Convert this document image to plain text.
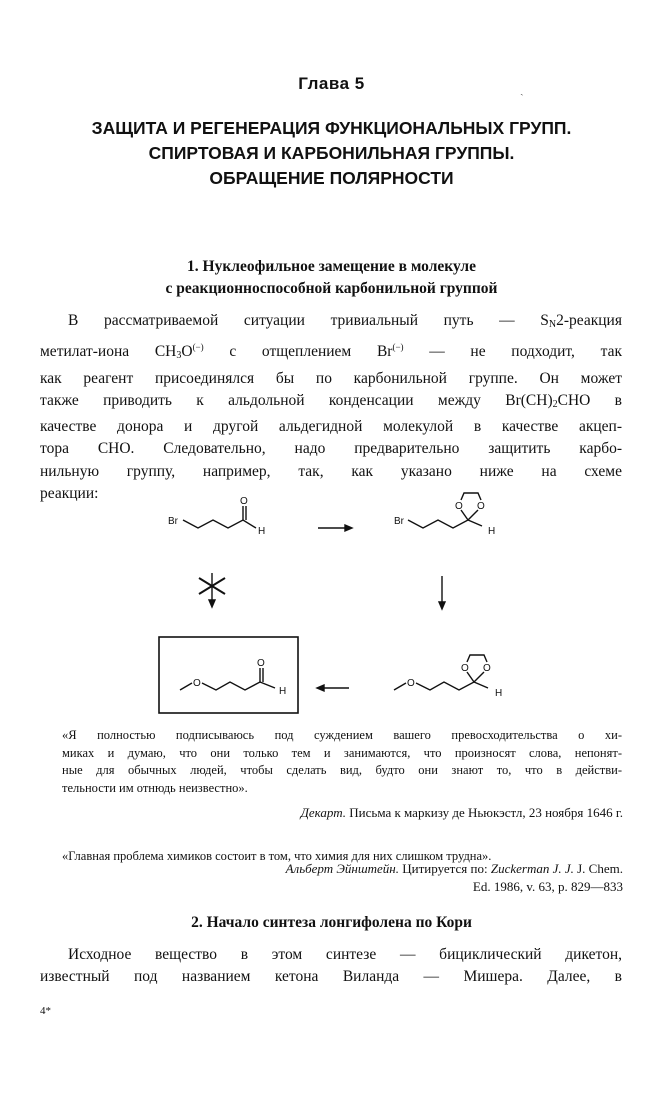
Глава 5	ˎ
ЗАЩИТА И РЕГЕНЕРАЦИЯ ФУНКЦИОНАЛЬНЫХ ГРУПП.
СПИРТОВАЯ И КАРБОНИЛЬНАЯ ГРУППЫ.
ОБРАЩЕНИЕ ПОЛЯРНОСТИ
1. Нуклеофильное замещение в молекуле
с реакционноспособной карбонильной группой
В рассматриваемой ситуации тривиальный путь — $S_N2$-реакция
метилат-иона $CH_3O^{(-)}$ с отщеплением Br(−) — не подходит, так
как реагент присоединялся бы по карбонильной группе. Он может
также приводить к альдольной конденсации между $Br(CH)_2CHO$ в
качестве донора и другой альдегидной молекулой в качестве акцеп-
тора CHO. Следовательно, надо предварительно защитить карбо-
нильную группу, например, так, как указано ниже на схеме
реакции:
Br
O
H
Br
O O
H
O
O
H
O
O O
H
«Я полностью подписываюсь под суждением вашего превосходительства о хи-
миках и думаю, что они только тем и занимаются, что произносят слова, непонят-
ные для обычных людей, чтобы сделать вид, будто они знают то, что в действи-
тельности им отнюдь неизвестно».
Декарт. Письма к маркизу де Ньюкэстл, 23 ноября 1646 г.
«Главная проблема химиков состоит в том, что химия для них слишком трудна».
Альберт Эйнштейн. Цитируется по: Zuckerman J. J. J. Chem.
Ed. 1986, v. 63, p. 829—833
2. Начало синтеза лонгифолена по Кори
Исходное вещество в этом синтезе — бициклический дикетон,
известный под названием кетона Виланда — Мишера. Далее, в
4*
